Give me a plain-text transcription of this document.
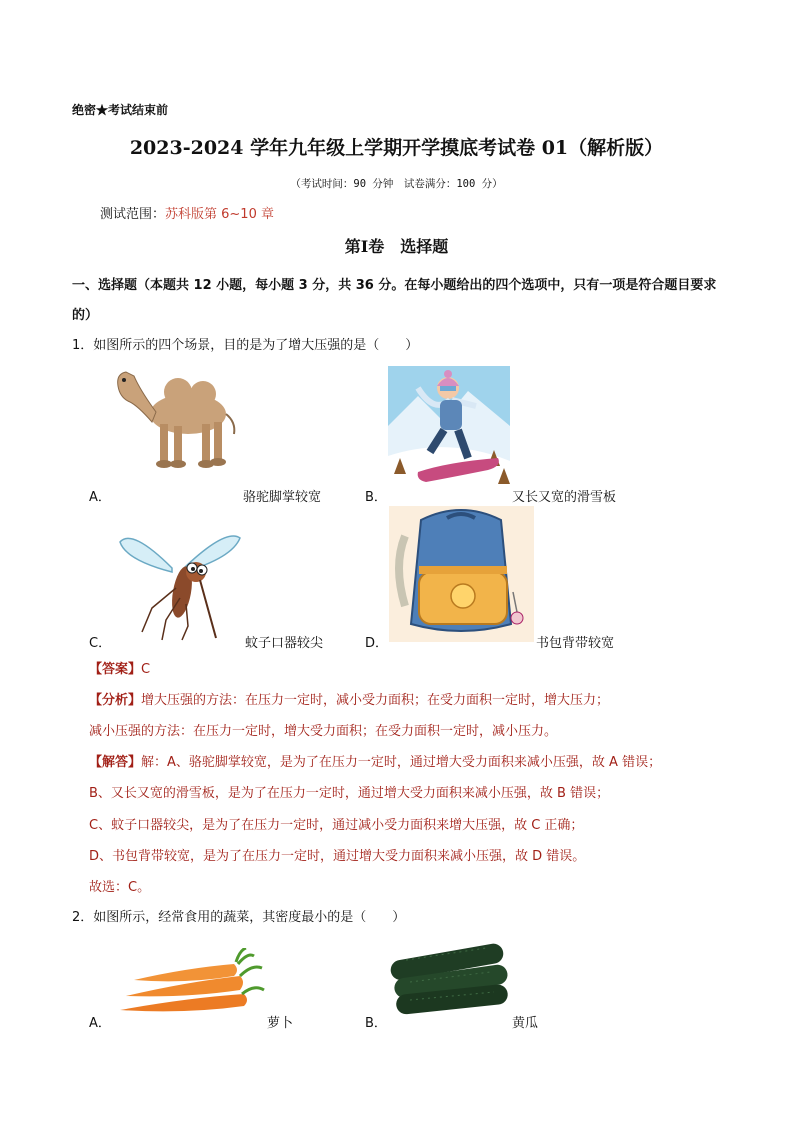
绝密★考试结束前
2023-2024 学年九年级上学期开学摸底考试卷 01（解析版）
（考试时间：90 分钟　试卷满分：100 分）
测试范围：苏科版第 6~10 章
第Ⅰ卷　选择题
一、选择题（本题共 12 小题，每小题 3 分，共 36 分。在每小题给出的四个选项中，只有一项是符合题目要求的）
1．如图所示的四个场景，目的是为了增大压强的是（　　）
A．	骆驼脚掌较宽	B．	又长又宽的滑雪板
C．	蚊子口器较尖	D．	书包背带较宽
【答案】C
【分析】增大压强的方法：在压力一定时，减小受力面积；在受力面积一定时，增大压力；
减小压强的方法：在压力一定时，增大受力面积；在受力面积一定时，减小压力。
【解答】解：A、骆驼脚掌较宽，是为了在压力一定时，通过增大受力面积来减小压强，故 A 错误；
B、又长又宽的滑雪板，是为了在压力一定时，通过增大受力面积来减小压强，故 B 错误；
C、蚊子口器较尖，是为了在压力一定时，通过减小受力面积来增大压强，故 C 正确；
D、书包背带较宽，是为了在压力一定时，通过增大受力面积来减小压强，故 D 错误。
故选：C。
2．如图所示，经常食用的蔬菜，其密度最小的是（　　）
A．	萝卜	B．	黄瓜
